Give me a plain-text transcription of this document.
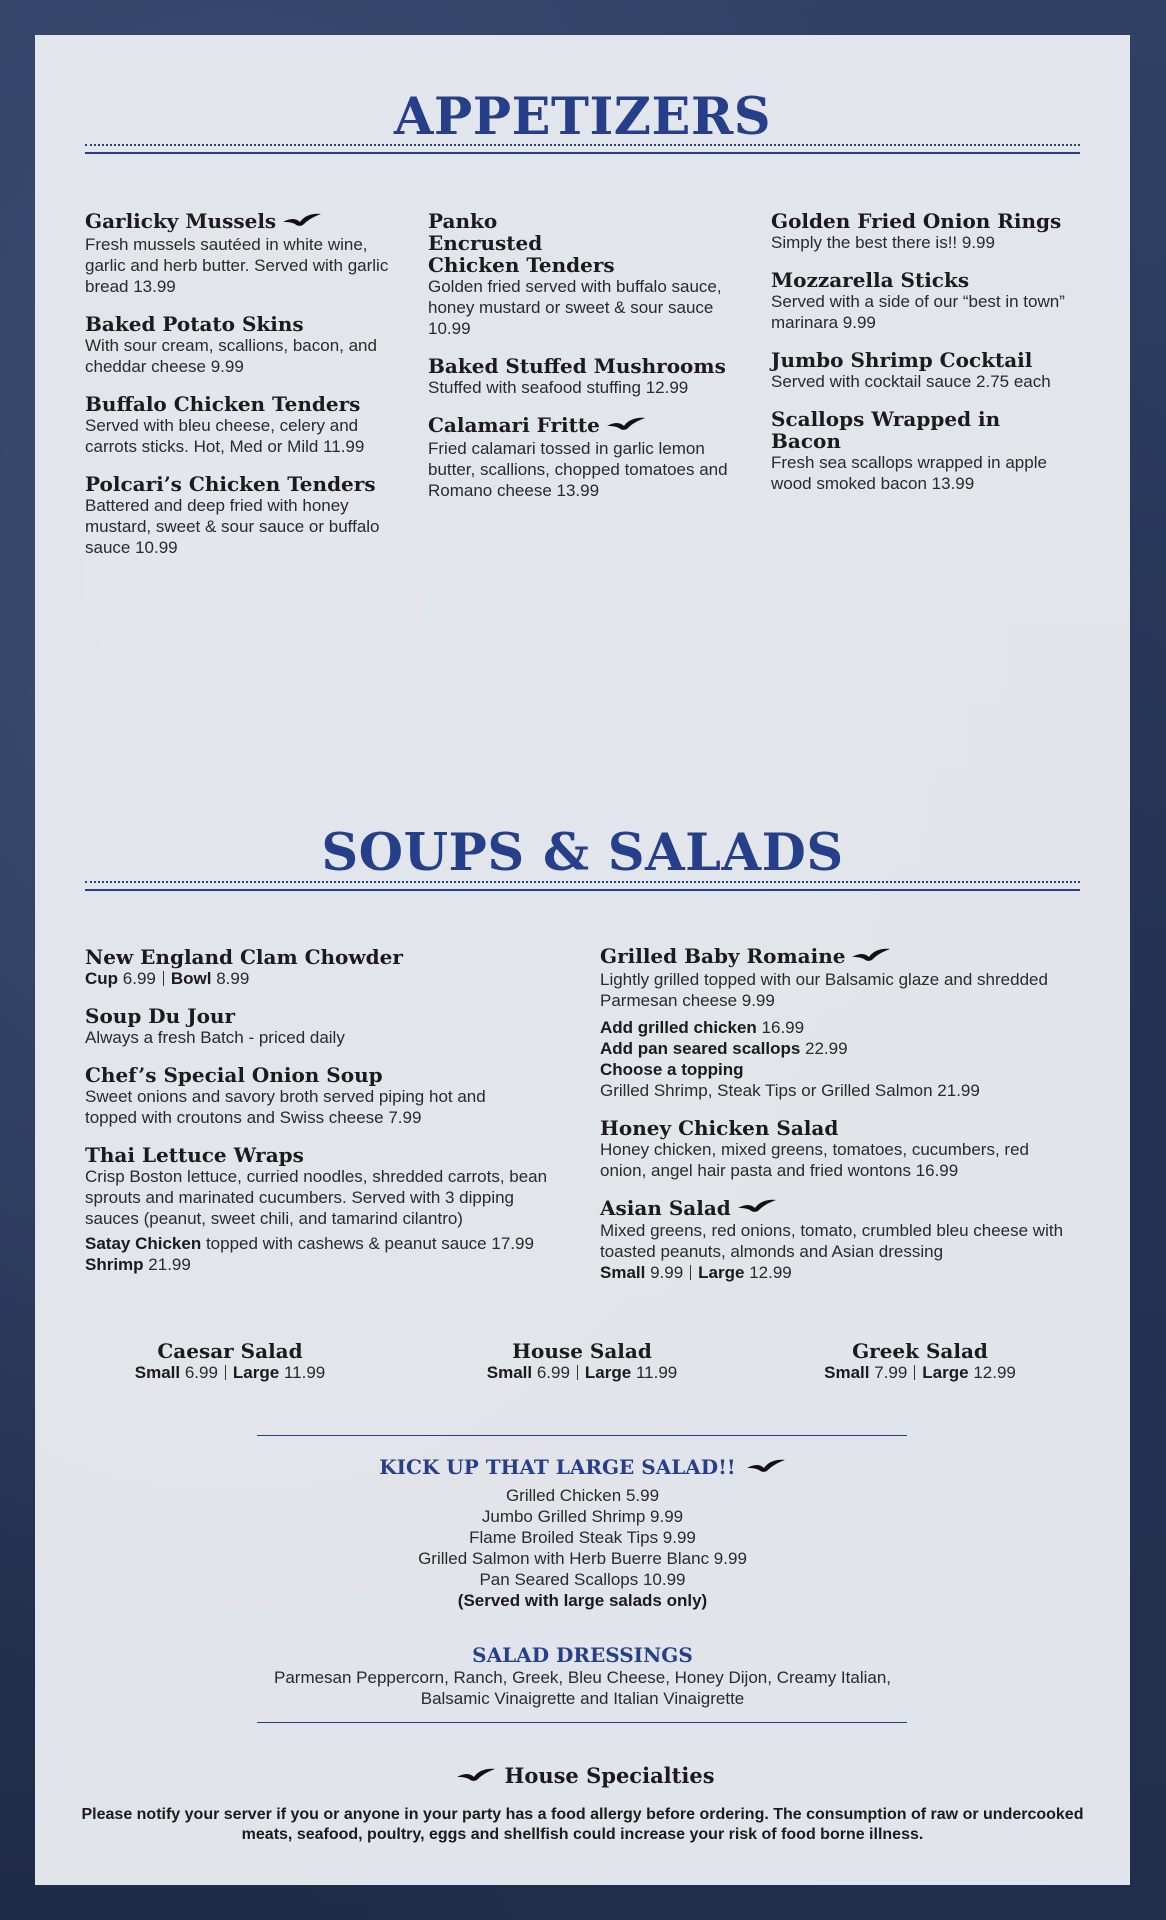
APPETIZERS

Garlicky Mussels

Fresh mussels sautéed in white wine, garlic and herb butter. Served with garlic bread 13.99

Baked Potato Skins

With sour cream, scallions, bacon, and cheddar cheese 9.99

Buffalo Chicken Tenders

Served with bleu cheese, celery and carrots sticks. Hot, Med or Mild 11.99

Polcari’s Chicken Tenders

Battered and deep fried with honey mustard, sweet & sour sauce or buffalo sauce 10.99

Panko Encrusted Chicken Tenders

Golden fried served with buffalo sauce, honey mustard or sweet & sour sauce 10.99

Baked Stuffed Mushrooms

Stuffed with seafood stuffing 12.99

Calamari Fritte

Fried calamari tossed in garlic lemon butter, scallions, chopped tomatoes and Romano cheese 13.99

Golden Fried Onion Rings

Simply the best there is!! 9.99

Mozzarella Sticks

Served with a side of our “best in town” marinara 9.99

Jumbo Shrimp Cocktail

Served with cocktail sauce 2.75 each

Scallops Wrapped in Bacon

Fresh sea scallops wrapped in apple wood smoked bacon 13.99

SOUPS & SALADS

New England Clam Chowder

Cup 6.99 Bowl 8.99

Soup Du Jour

Always a fresh Batch - priced daily

Chef’s Special Onion Soup

Sweet onions and savory broth served piping hot and topped with croutons and Swiss cheese 7.99

Thai Lettuce Wraps

Crisp Boston lettuce, curried noodles, shredded carrots, bean sprouts and marinated cucumbers. Served with 3 dipping sauces (peanut, sweet chili, and tamarind cilantro)

Satay Chicken topped with cashews & peanut sauce 17.99

Shrimp 21.99

Grilled Baby Romaine

Lightly grilled topped with our Balsamic glaze and shredded Parmesan cheese 9.99

Add grilled chicken 16.99

Add pan seared scallops 22.99

Choose a topping

Grilled Shrimp, Steak Tips or Grilled Salmon 21.99

Honey Chicken Salad

Honey chicken, mixed greens, tomatoes, cucumbers, red onion, angel hair pasta and fried wontons 16.99

Asian Salad

Mixed greens, red onions, tomato, crumbled bleu cheese with toasted peanuts, almonds and Asian dressing

Small 9.99 Large 12.99

Caesar Salad

Small 6.99 Large 11.99

House Salad

Small 6.99 Large 11.99

Greek Salad

Small 7.99 Large 12.99

KICK UP THAT LARGE SALAD!!

Grilled Chicken 5.99

Jumbo Grilled Shrimp 9.99

Flame Broiled Steak Tips 9.99

Grilled Salmon with Herb Buerre Blanc 9.99

Pan Seared Scallops 10.99

(Served with large salads only)

SALAD DRESSINGS

Parmesan Peppercorn, Ranch, Greek, Bleu Cheese, Honey Dijon, Creamy Italian,

Balsamic Vinaigrette and Italian Vinaigrette

House Specialties

Please notify your server if you or anyone in your party has a food allergy before ordering. The consumption of raw or undercooked meats, seafood, poultry, eggs and shellfish could increase your risk of food borne illness.
